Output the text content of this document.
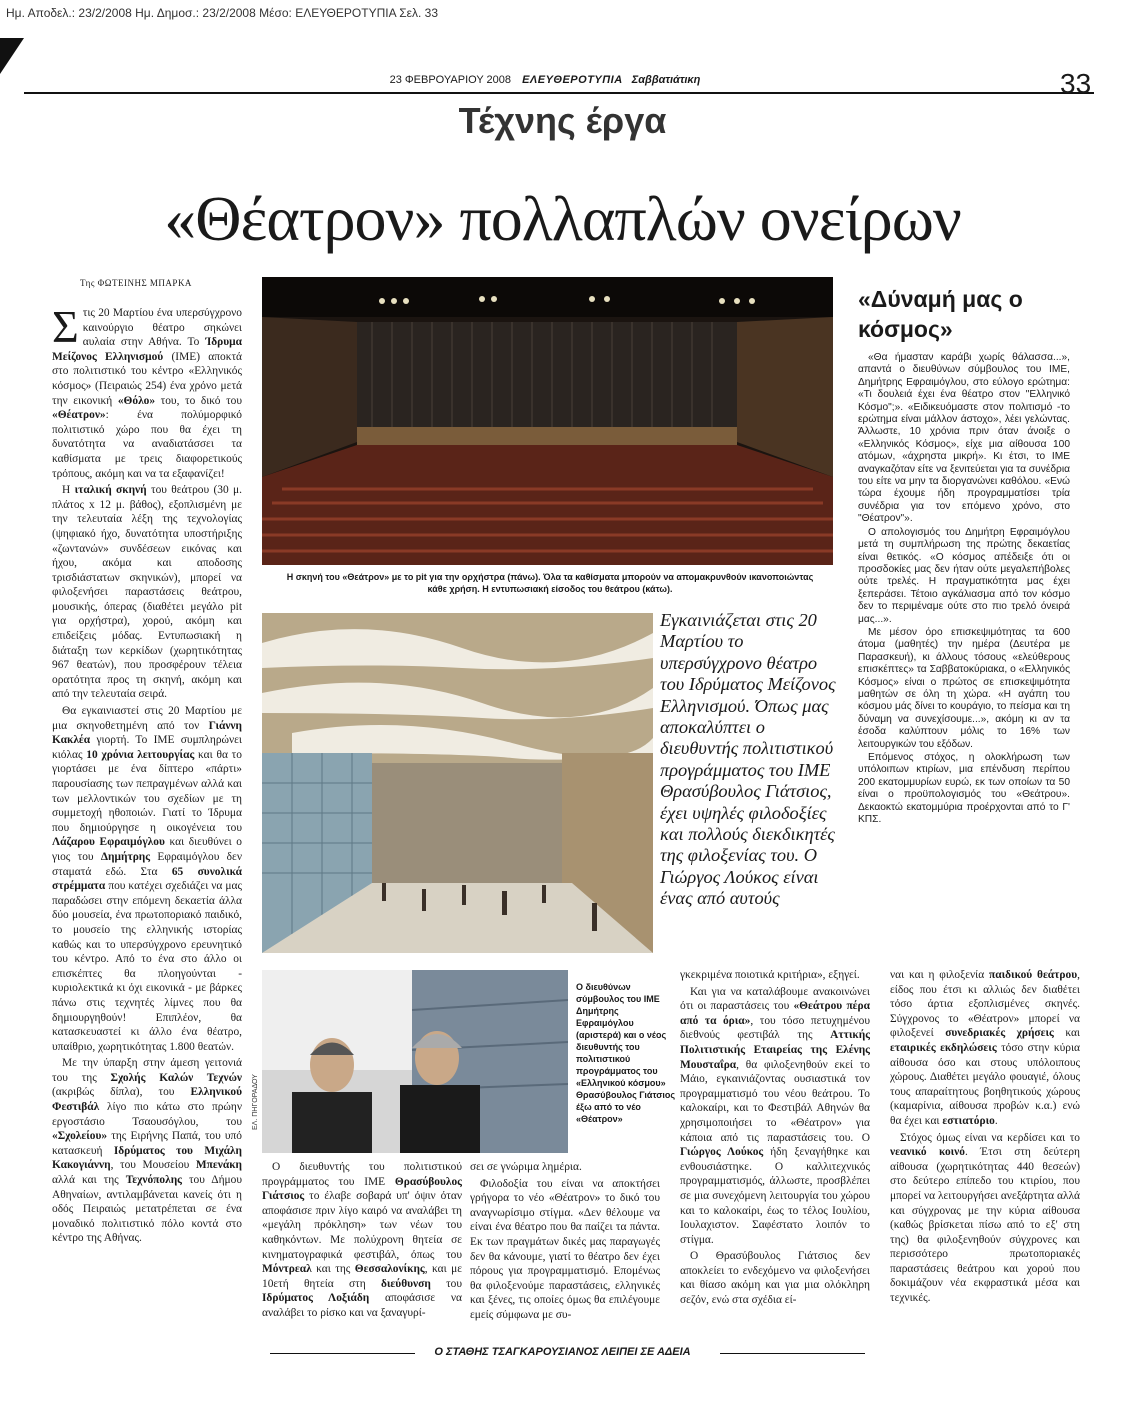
Ημ. Αποδελ.: 23/2/2008 Ημ. Δημοσ.: 23/2/2008 Μέσο: ΕΛΕΥΘΕΡΟΤΥΠΙΑ Σελ. 33
23 ΦΕΒΡΟΥΑΡΙΟΥ 2008 ΕΛΕΥΘΕΡΟΤΥΠΙΑ Σαββατιάτικη	33
Τέχνης έργα
«Θέατρον» πολλαπλών ονείρων
Της ΦΩΤΕΙΝΗΣ ΜΠΑΡΚΑ

Στις 20 Μαρτίου ένα υπερσύγχρονο καινούργιο θέατρο σηκώνει αυλαία στην Αθήνα. Το Ίδρυμα Μείζονος Ελληνισμού (ΙΜΕ) αποκτά στο πολιτιστικό του κέντρο «Ελληνικός κόσμος» (Πειραιώς 254) ένα χρόνο μετά την εικονική «Θόλο» του, το δικό του «Θέατρον»: ένα πολύμορφικό πολιτιστικό χώρο που θα έχει τη δυνατότητα να αναδιατάσσει τα καθίσματα με τρεις διαφορετικούς τρόπους, ακόμη και να τα εξαφανίζει!

Η ιταλική σκηνή του θεάτρου (30 μ. πλάτος x 12 μ. βάθος), εξοπλισμένη με την τελευταία λέξη της τεχνολογίας (ψηφιακό ήχο, δυνατότητα υποστήριξης «ζωντανών» συνδέσεων εικόνας και ήχου, ακόμα και αποδοσης τρισδιάστατων σκηνικών), μπορεί να φιλοξενήσει παραστάσεις θεάτρου, μουσικής, όπερας (διαθέτει μεγάλο pit για ορχήστρα), χορού, ακόμη και επιδείξεις μόδας. Εντυπωσιακή η διάταξη των κερκίδων (χωρητικότητας 967 θεατών), που προσφέρουν τέλεια ορατότητα προς τη σκηνή, ακόμη και από την τελευταία σειρά.

Θα εγκαινιαστεί στις 20 Μαρτίου με μια σκηνοθετημένη από τον Γιάννη Κακλέα γιορτή. Το ΙΜΕ συμπληρώνει κιόλας 10 χρόνια λειτουργίας και θα το γιορτάσει με ένα δίπτερο «πάρτι» παρουσίασης των πεπραγμένων αλλά και των μελλοντικών του σχεδίων με τη συμμετοχή ηθοποιών. Γιατί το Ίδρυμα που δημιούργησε η οικογένεια του Λάζαρου Εφραιμόγλου και διευθύνει ο γιος του Δημήτρης Εφραιμόγλου δεν σταματά εδώ. Στα 65 συνολικά στρέμματα που κατέχει σχεδιάζει να μας παραδώσει στην επόμενη δεκαετία άλλα δύο μουσεία, ένα πρωτοποριακό παιδικό, το μουσείο της ελληνικής ιστορίας καθώς και το υπερσύγχρονο ερευνητικό του κέντρο. Από το ένα στο άλλο οι επισκέπτες θα πλοηγούνται - κυριολεκτικά κι όχι εικονικά - με βάρκες πάνω στις τεχνητές λίμνες που θα δημιουργηθούν! Επιπλέον, θα κατασκευαστεί κι άλλο ένα θέατρο, υπαίθριο, χωρητικότητας 1.800 θεατών.

Με την ύπαρξη στην άμεση γειτονιά του της Σχολής Καλών Τεχνών (ακριβώς δίπλα), του Ελληνικού Φεστιβάλ λίγο πιο κάτω στο πρώην εργοστάσιο Τσαουσόγλου, του «Σχολείου» της Ειρήνης Παπά, του υπό κατασκευή Ιδρύματος του Μιχάλη Κακογιάννη, του Μουσείου Μπενάκη αλλά και της Τεχνόπολης του Δήμου Αθηναίων, αντιλαμβάνεται κανείς ότι η οδός Πειραιώς μετατρέπεται σε ένα μοναδικό πολιτιστικό πόλο κοντά στο κέντρο της Αθήνας.

Η σκηνή του «Θεάτρον» με το pit για την ορχήστρα (πάνω). Όλα τα καθίσματα μπορούν να απομακρυνθούν ικανοποιώντας κάθε χρήση. Η εντυπωσιακή είσοδος του θεάτρου (κάτω).
Εγκαινιάζεται στις 20 Μαρτίου το υπερσύγχρονο θέατρο του Ιδρύματος Μείζονος Ελληνισμού. Όπως μας αποκαλύπτει ο διευθυντής πολιτιστικού προγράμματος του ΙΜΕ Θρασύβουλος Γιάτσιος, έχει υψηλές φιλοδοξίες και πολλούς διεκδικητές της φιλοξενίας του. Ο Γιώργος Λούκος είναι ένας από αυτούς
«Δύναμή μας ο κόσμος»

«Θα ήμασταν καράβι χωρίς θάλασσα...», απαντά ο διευθύνων σύμβουλος του ΙΜΕ, Δημήτρης Εφραιμόγλου, στο εύλογο ερώτημα: «Τι δουλειά έχει ένα θέατρο στον "Ελληνικό Κόσμο";». «Ειδικευόμαστε στον πολιτισμό -το ερώτημα είναι μάλλον άστοχο», λέει γελώντας. Άλλωστε, 10 χρόνια πριν όταν άνοιξε ο «Ελληνικός Κόσμος», είχε μια αίθουσα 100 ατόμων, «άχρηστα μικρή». Κι έτσι, το ΙΜΕ αναγκαζόταν είτε να ξενιτεύεται για τα συνέδρια του είτε να μην τα διοργανώνει καθόλου. «Ενώ τώρα έχουμε ήδη προγραμματίσει τρία συνέδρια για τον επόμενο χρόνο, στο "Θέατρον"».

Ο απολογισμός του Δημήτρη Εφραιμόγλου μετά τη συμπλήρωση της πρώτης δεκαετίας είναι θετικός. «Ο κόσμος απέδειξε ότι οι προσδοκίες μας δεν ήταν ούτε μεγαλεπήβολες ούτε τρελές. Η πραγματικότητα μας έχει ξεπεράσει. Τέτοιο αγκάλιασμα από τον κόσμο δεν το περιμέναμε ούτε στο πιο τρελό όνειρά μας...».

Με μέσον όρο επισκεψιμότητας τα 600 άτομα (μαθητές) την ημέρα (Δευτέρα με Παρασκευή), κι άλλους τόσους «ελεύθερους επισκέπτες» τα Σαββατοκύριακα, ο «Ελληνικός Κόσμος» είναι ο πρώτος σε επισκεψιμότητα μαθητών σε όλη τη χώρα. «Η αγάπη του κόσμου μάς δίνει το κουράγιο, το πείσμα και τη δύναμη να συνεχίσουμε...», ακόμη κι αν τα έσοδα καλύπτουν μόλις το 16% των λειτουργικών του εξόδων.

Επόμενος στόχος, η ολοκλήρωση των υπόλοιπων κτιρίων, μια επένδυση περίπου 200 εκατομμυρίων ευρώ, εκ των οποίων τα 50 είναι ο προϋπολογισμός του «Θεάτρου». Δεκαοκτώ εκατομμύρια προέρχονται από το Γ' ΚΠΣ.

ΕΛ. ΠΗΓΟΡΑΔΟΥ
Ο διευθύνων σύμβουλος του ΙΜΕ Δημήτρης Εφραιμόγλου (αριστερά) και ο νέος διευθυντής του πολιτιστικού προγράμματος του «Ελληνικού κόσμου» Θρασύβουλος Γιάτσιος έξω από το νέο «Θέατρον»

Ο διευθυντής του πολιτιστικού προγράμματος του ΙΜΕ Θρασύβουλος Γιάτσιος το έλαβε σοβαρά υπ' όψιν όταν αποφάσισε πριν λίγο καιρό να αναλάβει τη «μεγάλη πρόκληση» των νέων του καθηκόντων. Με πολύχρονη θητεία σε κινηματογραφικά φεστιβάλ, όπως του Μόντρεαλ και της Θεσσαλονίκης, και με 10ετή θητεία στη διεύθυνση του Ιδρύματος Λοξιάδη αποφάσισε να αναλάβει το ρίσκο και να ξαναγυρί-

σει σε γνώριμα λημέρια.

Φιλοδοξία του είναι να αποκτήσει γρήγορα το νέο «Θέατρον» το δικό του αναγνωρίσιμο στίγμα. «Δεν θέλουμε να είναι ένα θέατρο που θα παίζει τα πάντα. Εκ των πραγμάτων δικές μας παραγωγές δεν θα κάνουμε, γιατί το θέατρο δεν έχει πόρους για προγραμματισμό. Επομένως θα φιλοξενούμε παραστάσεις, ελληνικές και ξένες, τις οποίες όμως θα επιλέγουμε εμείς σύμφωνα με συ-

γκεκριμένα ποιοτικά κριτήρια», εξηγεί.

Και για να καταλάβουμε ανακοινώνει ότι οι παραστάσεις του «Θεάτρου πέρα από τα όρια», του τόσο πετυχημένου διεθνούς φεστιβάλ της Αττικής Πολιτιστικής Εταιρείας της Ελένης Μουσταΐρα, θα φιλοξενηθούν εκεί το Μάιο, εγκαινιάζοντας ουσιαστικά τον προγραμματισμό του νέου θεάτρου. Το καλοκαίρι, και το Φεστιβάλ Αθηνών θα χρησιμοποιήσει το «Θέατρον» για κάποια από τις παραστάσεις του. Ο Γιώργος Λούκος ήδη ξεναγήθηκε και ενθουσιάστηκε. Ο καλλιτεχνικός προγραμματισμός, άλλωστε, προσβλέπει σε μια συνεχόμενη λειτουργία του χώρου και το καλοκαίρι, έως το τέλος Ιουλίου, Ιουλαχιστον. Σαφέστατο λοιπόν το στίγμα.

Ο Θρασύβουλος Γιάτσιος δεν αποκλείει το ενδεχόμενο να φιλοξενήσει και θίασο ακόμη και για μια ολόκληρη σεζόν, ενώ στα σχέδια εί-

ναι και η φιλοξενία παιδικού θεάτρου, είδος που έτσι κι αλλιώς δεν διαθέτει τόσο άρτια εξοπλισμένες σκηνές. Σύγχρονος το «Θέατρον» μπορεί να φιλοξενεί συνεδριακές χρήσεις και εταιρικές εκδηλώσεις τόσο στην κύρια αίθουσα όσο και στους υπόλοιπους χώρους. Διαθέτει μεγάλο φουαγιέ, όλους τους απαραίτητους βοηθητικούς χώρους (καμαρίνια, αίθουσα προβών κ.α.) ενώ θα έχει και εστιατόριο.

Στόχος όμως είναι να κερδίσει και το νεανικό κοινό. Έτσι στη δεύτερη αίθουσα (χωρητικότητας 440 θεσεών) στο δεύτερο επίπεδο του κτιρίου, που μπορεί να λειτουργήσει ανεξάρτητα αλλά και σύγχρονας με την κύρια αίθουσα (καθώς βρίσκεται πίσω από το εξ' στη της) θα φιλοξενηθούν σύγχρονες και περισσότερο πρωτοποριακές παραστάσεις θεάτρου και χορού που δοκιμάζουν νέα εκφραστικά μέσα και τεχνικές.

Ο ΣΤΑΘΗΣ ΤΣΑΓΚΑΡΟΥΣΙΑΝΟΣ ΛΕΙΠΕΙ ΣΕ ΑΔΕΙΑ
